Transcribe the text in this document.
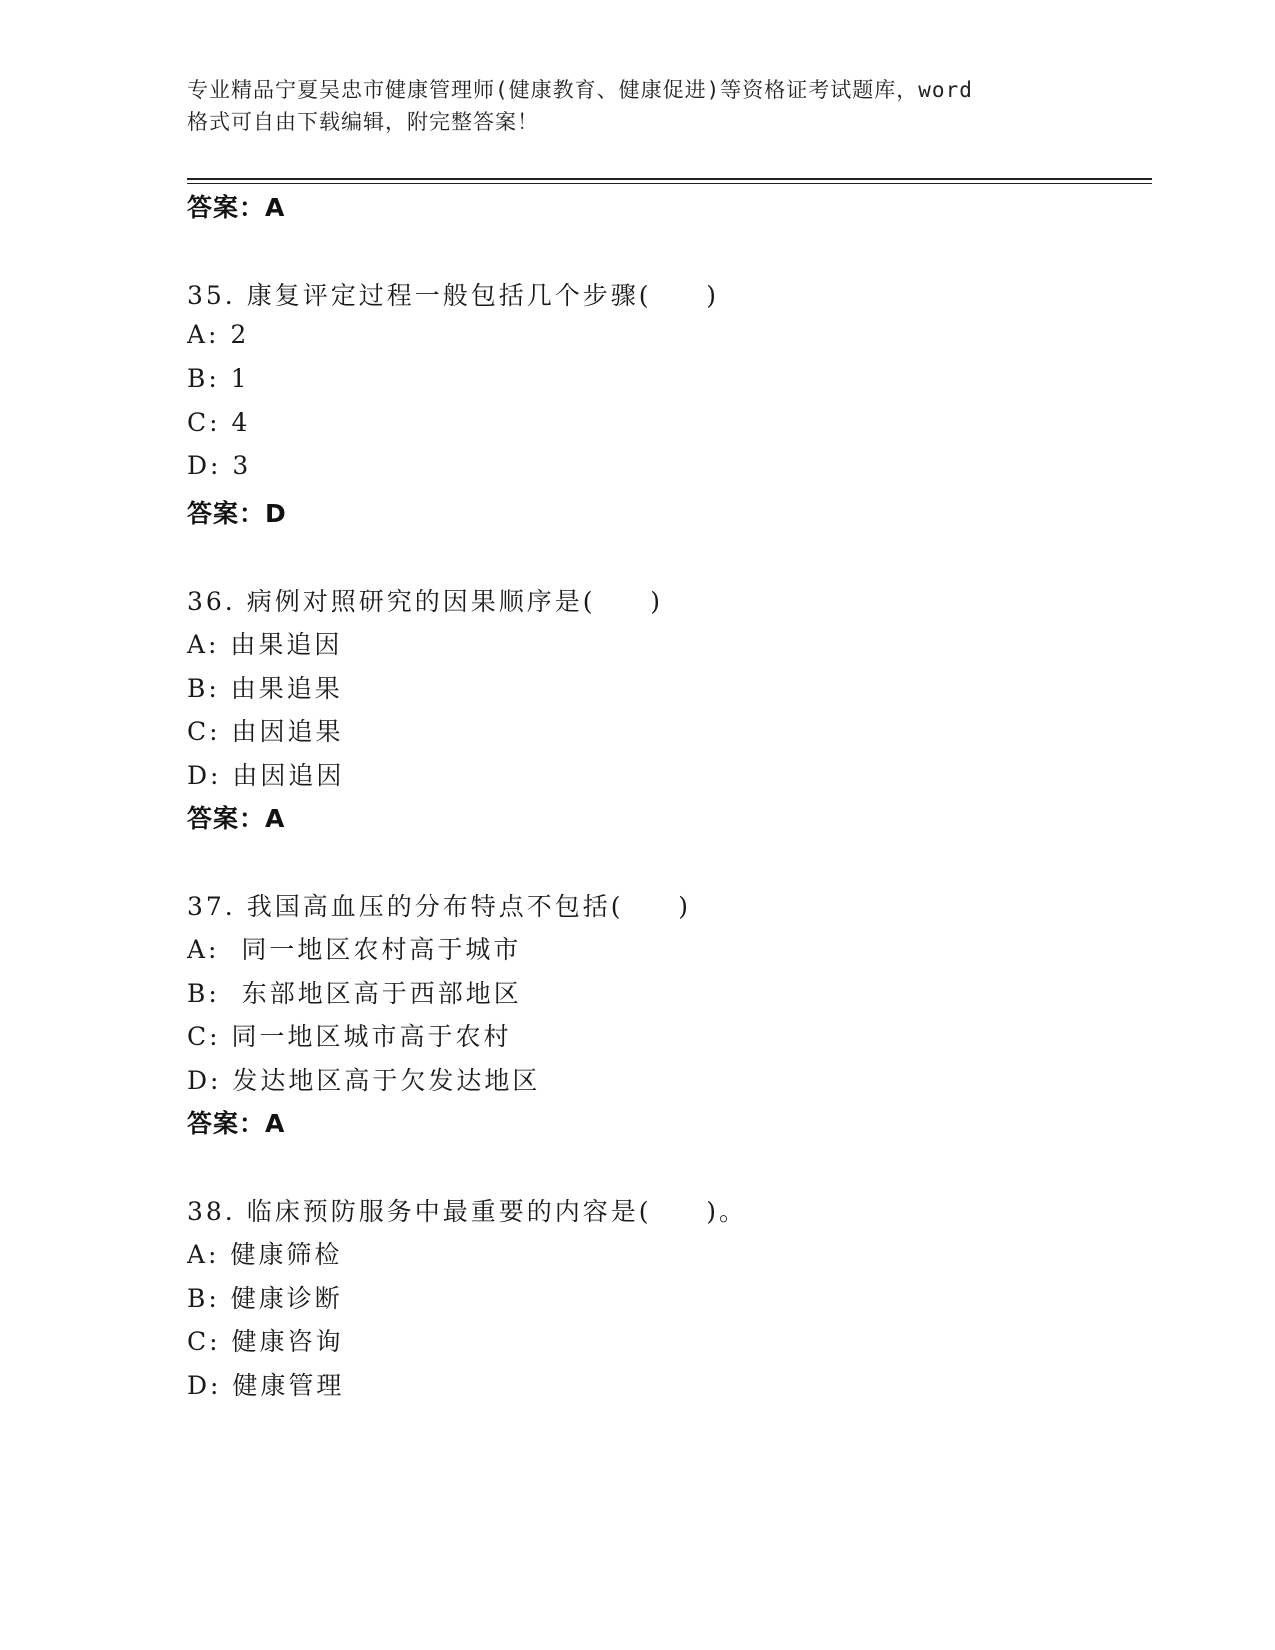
专业精品宁夏吴忠市健康管理师(健康教育、健康促进)等资格证考试题库，word
格式可自由下载编辑，附完整答案！
答案：A
35. 康复评定过程一般包括几个步骤(     )
A: 2
B: 1
C: 4
D: 3
答案：D
36. 病例对照研究的因果顺序是(     )
A: 由果追因
B: 由果追果
C: 由因追果
D: 由因追因
答案：A
37. 我国高血压的分布特点不包括(     )
A:  同一地区农村高于城市
B:  东部地区高于西部地区
C: 同一地区城市高于农村
D: 发达地区高于欠发达地区
答案：A
38. 临床预防服务中最重要的内容是(     )。
A: 健康筛检
B: 健康诊断
C: 健康咨询
D: 健康管理
